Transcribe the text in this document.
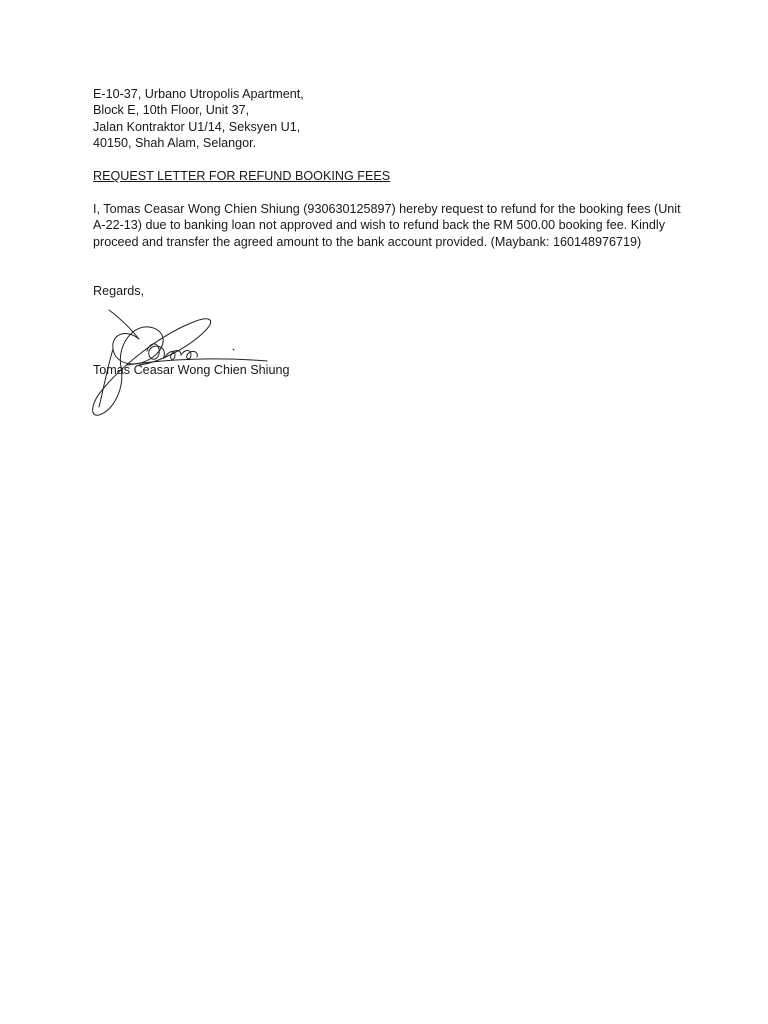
E-10-37, Urbano Utropolis Apartment,
Block E, 10th Floor, Unit 37,
Jalan Kontraktor U1/14, Seksyen U1,
40150, Shah Alam, Selangor.
REQUEST LETTER FOR REFUND BOOKING FEES
I, Tomas Ceasar Wong Chien Shiung (930630125897) hereby request to refund for the booking fees (Unit A-22-13) due to banking loan not approved and wish to refund back the RM 500.00 booking fee. Kindly proceed and transfer the agreed amount to the bank account provided. (Maybank: 160148976719)
Regards,
Tomas Ceasar Wong Chien Shiung
